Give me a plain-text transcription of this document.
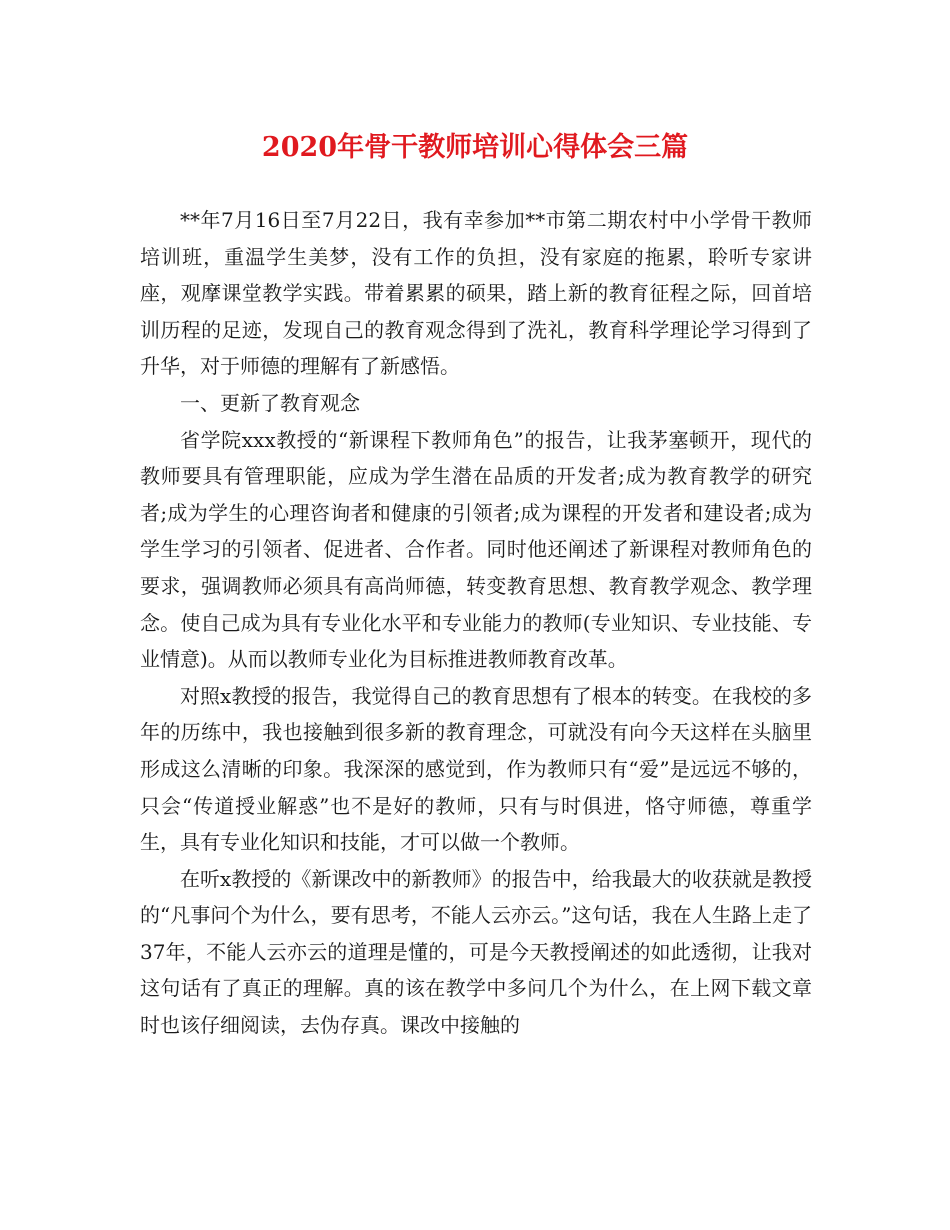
2020年骨干教师培训心得体会三篇

**年7月16日至7月22日，我有幸参加**市第二期农村中小学骨干教师培训班，重温学生美梦，没有工作的负担，没有家庭的拖累，聆听专家讲座，观摩课堂教学实践。带着累累的硕果，踏上新的教育征程之际，回首培训历程的足迹，发现自己的教育观念得到了洗礼，教育科学理论学习得到了升华，对于师德的理解有了新感悟。

一、更新了教育观念

省学院xxx教授的“新课程下教师角色”的报告，让我茅塞顿开，现代的教师要具有管理职能，应成为学生潜在品质的开发者;成为教育教学的研究者;成为学生的心理咨询者和健康的引领者;成为课程的开发者和建设者;成为学生学习的引领者、促进者、合作者。同时他还阐述了新课程对教师角色的要求，强调教师必须具有高尚师德，转变教育思想、教育教学观念、教学理念。使自己成为具有专业化水平和专业能力的教师(专业知识、专业技能、专业情意)。从而以教师专业化为目标推进教师教育改革。

对照x教授的报告，我觉得自己的教育思想有了根本的转变。在我校的多年的历练中，我也接触到很多新的教育理念，可就没有向今天这样在头脑里形成这么清晰的印象。我深深的感觉到，作为教师只有“爱”是远远不够的，只会“传道授业解惑”也不是好的教师，只有与时俱进，恪守师德，尊重学生，具有专业化知识和技能，才可以做一个教师。

在听x教授的《新课改中的新教师》的报告中，给我最大的收获就是教授的“凡事问个为什么，要有思考，不能人云亦云。”这句话，我在人生路上走了37年，不能人云亦云的道理是懂的，可是今天教授阐述的如此透彻，让我对这句话有了真正的理解。真的该在教学中多问几个为什么，在上网下载文章时也该仔细阅读，去伪存真。课改中接触的
